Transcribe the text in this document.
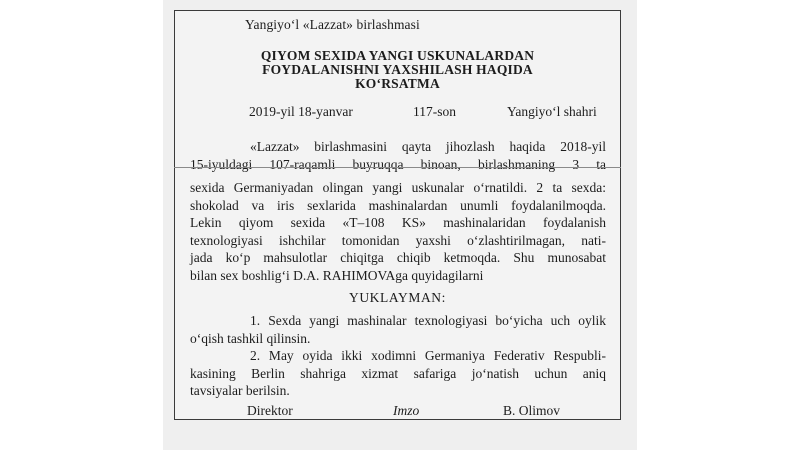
Yangiyo‘l «Lazzat» birlashmasi
QIYOM SEXIDA YANGI USKUNALARDAN
FOYDALANISHNI YAXSHILASH HAQIDA
KO‘RSATMA
2019-yil 18-yanvar	117-son	Yangiyo‘l shahri
«Lazzat» birlashmasini qayta jihozlash haqida 2018-yil
15-iyuldagi 107-raqamli buyruqqa binoan, birlashmaning 3 ta
sexida Germaniyadan olingan yangi uskunalar o‘rnatildi. 2 ta sexda:
shokolad va iris sexlarida mashinalardan unumli foydalanilmoqda.
Lekin qiyom sexida «T–108 KS» mashinalaridan foydalanish
texnologiyasi ishchilar tomonidan yaxshi o‘zlashtirilmagan, nati-
jada ko‘p mahsulotlar chiqitga chiqib ketmoqda. Shu munosabat
bilan sex boshlig‘i D.A. RAHIMOVAga quyidagilarni
YUKLAYMAN:
1. Sexda yangi mashinalar texnologiyasi bo‘yicha uch oylik
o‘qish tashkil qilinsin.
2. May oyida ikki xodimni Germaniya Federativ Respubli-
kasining Berlin shahriga xizmat safariga jo‘natish uchun aniq
tavsiyalar berilsin.
Direktor	Imzo	B. Olimov
